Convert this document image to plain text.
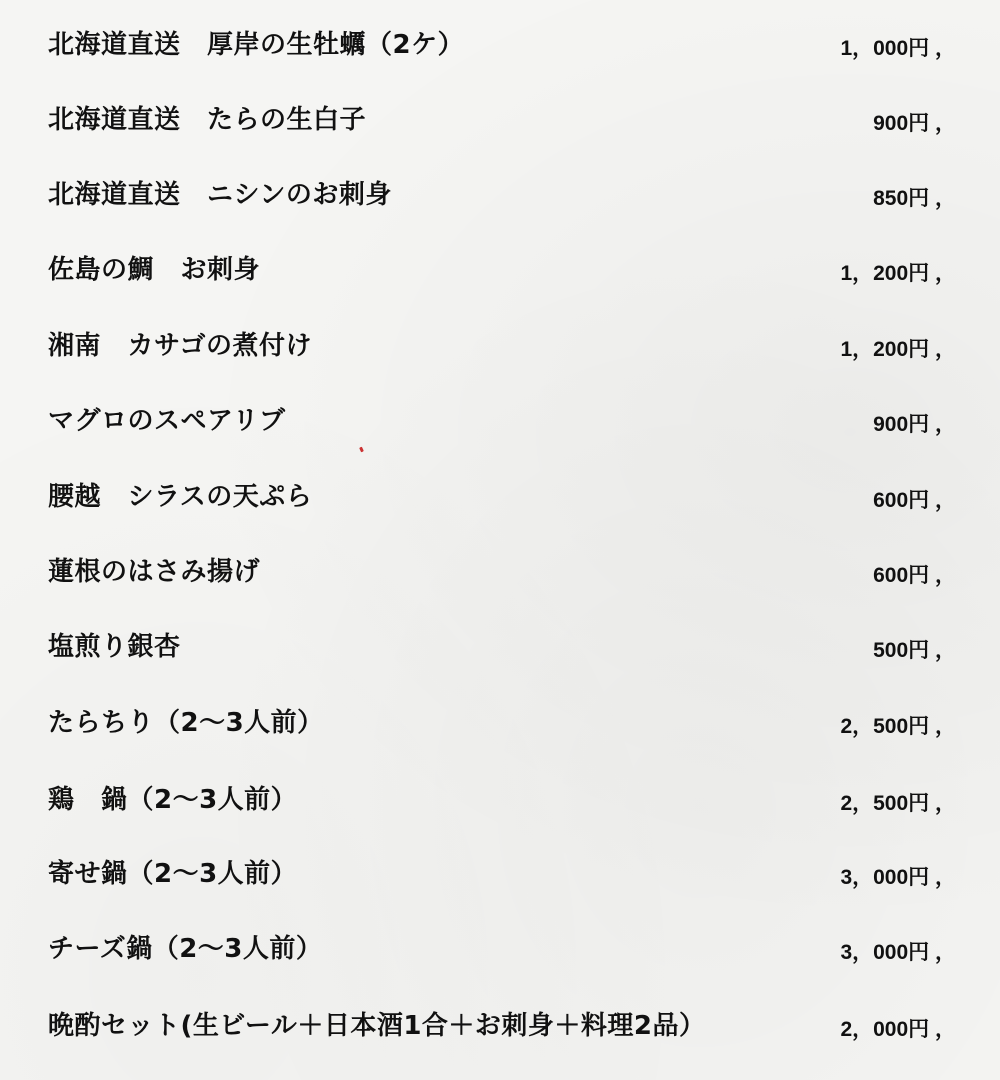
北海道直送　厚岸の生牡蠣（2ケ）	1，000円 ，
北海道直送　たらの生白子	900円 ，
北海道直送　ニシンのお刺身	850円 ，
佐島の鯛　お刺身	1，200円 ，
湘南　カサゴの煮付け	1，200円 ，
マグロのスペアリブ	900円 ，
腰越　シラスの天ぷら	600円 ，
蓮根のはさみ揚げ	600円 ，
塩煎り銀杏	500円 ，
たらちり（2～3人前）	2，500円 ，
鶏　鍋（2～3人前）	2，500円 ，
寄せ鍋（2～3人前）	3，000円 ，
チーズ鍋（2～3人前）	3，000円 ，
晩酌セット(生ビール＋日本酒1合＋お刺身＋料理2品）	2，000円 ，
